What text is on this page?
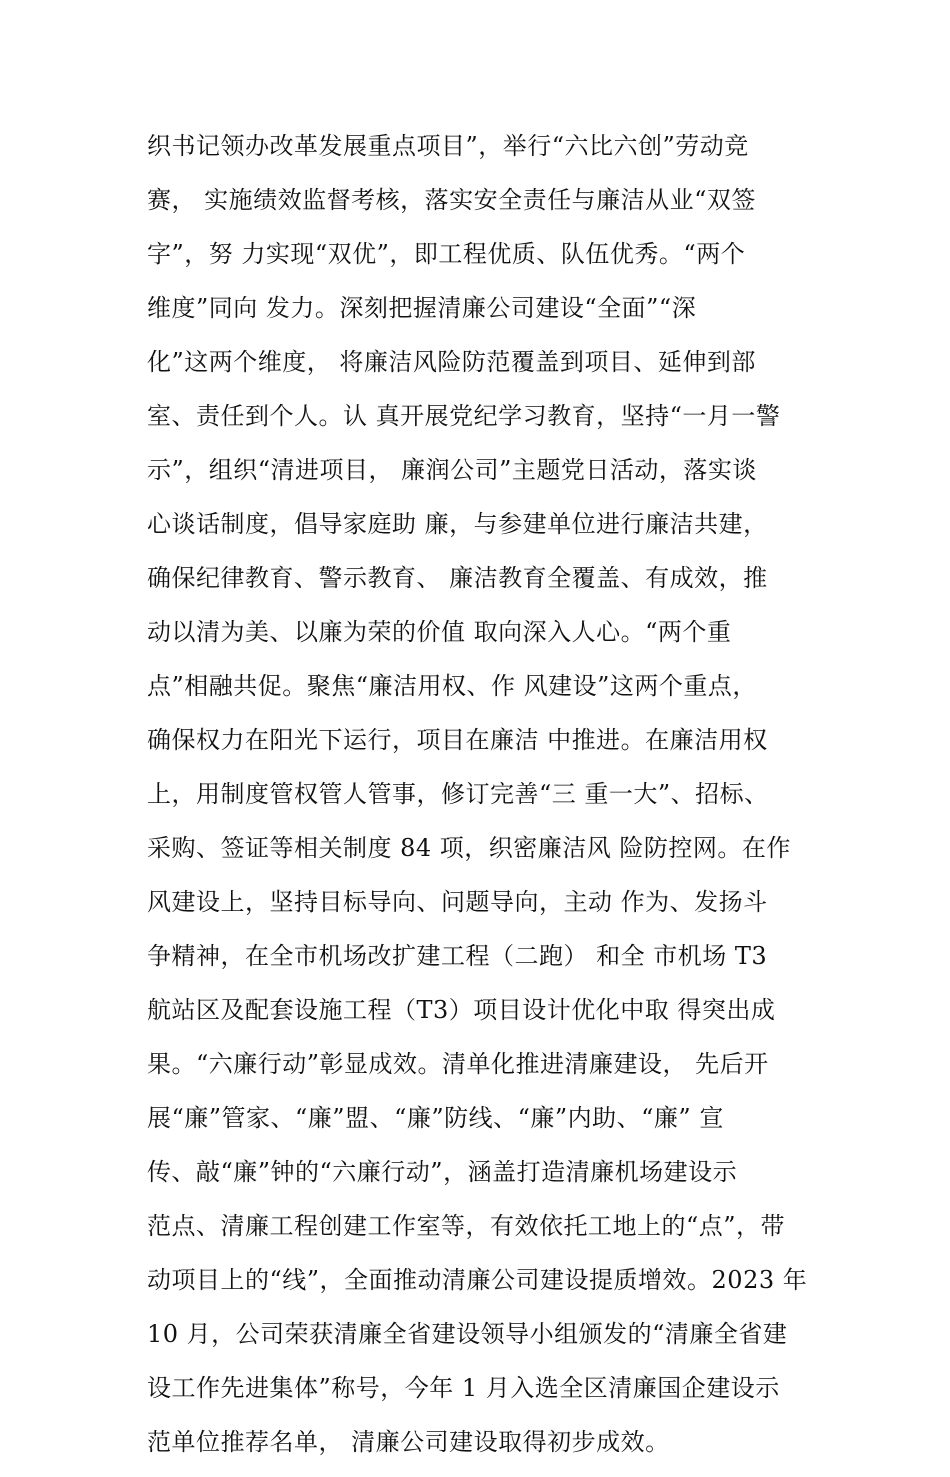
织书记领办改革发展重点项目”，举行“六比六创”劳动竞
赛， 实施绩效监督考核，落实安全责任与廉洁从业“双签
字”，努 力实现“双优”，即工程优质、队伍优秀。“两个
维度”同向 发力。深刻把握清廉公司建设“全面”“深
化”这两个维度， 将廉洁风险防范覆盖到项目、延伸到部
室、责任到个人。认 真开展党纪学习教育，坚持“一月一警
示”，组织“清进项目， 廉润公司”主题党日活动，落实谈
心谈话制度，倡导家庭助 廉，与参建单位进行廉洁共建，
确保纪律教育、警示教育、 廉洁教育全覆盖、有成效，推
动以清为美、以廉为荣的价值 取向深入人心。“两个重
点”相融共促。聚焦“廉洁用权、作 风建设”这两个重点，
确保权力在阳光下运行，项目在廉洁 中推进。在廉洁用权
上，用制度管权管人管事，修订完善“三 重一大”、招标、
采购、签证等相关制度 84 项，织密廉洁风 险防控网。在作
风建设上，坚持目标导向、问题导向，主动 作为、发扬斗
争精神，在全市机场改扩建工程（二跑） 和全 市机场 T3
航站区及配套设施工程（T3）项目设计优化中取 得突出成
果。“六廉行动”彰显成效。清单化推进清廉建设， 先后开
展“廉”管家、“廉”盟、“廉”防线、“廉”内助、“廉” 宣
传、敲“廉”钟的“六廉行动”，涵盖打造清廉机场建设示
范点、清廉工程创建工作室等，有效依托工地上的“点”，带
动项目上的“线”，全面推动清廉公司建设提质增效。2023 年
10 月，公司荣获清廉全省建设领导小组颁发的“清廉全省建
设工作先进集体”称号，今年 1 月入选全区清廉国企建设示
范单位推荐名单， 清廉公司建设取得初步成效。
